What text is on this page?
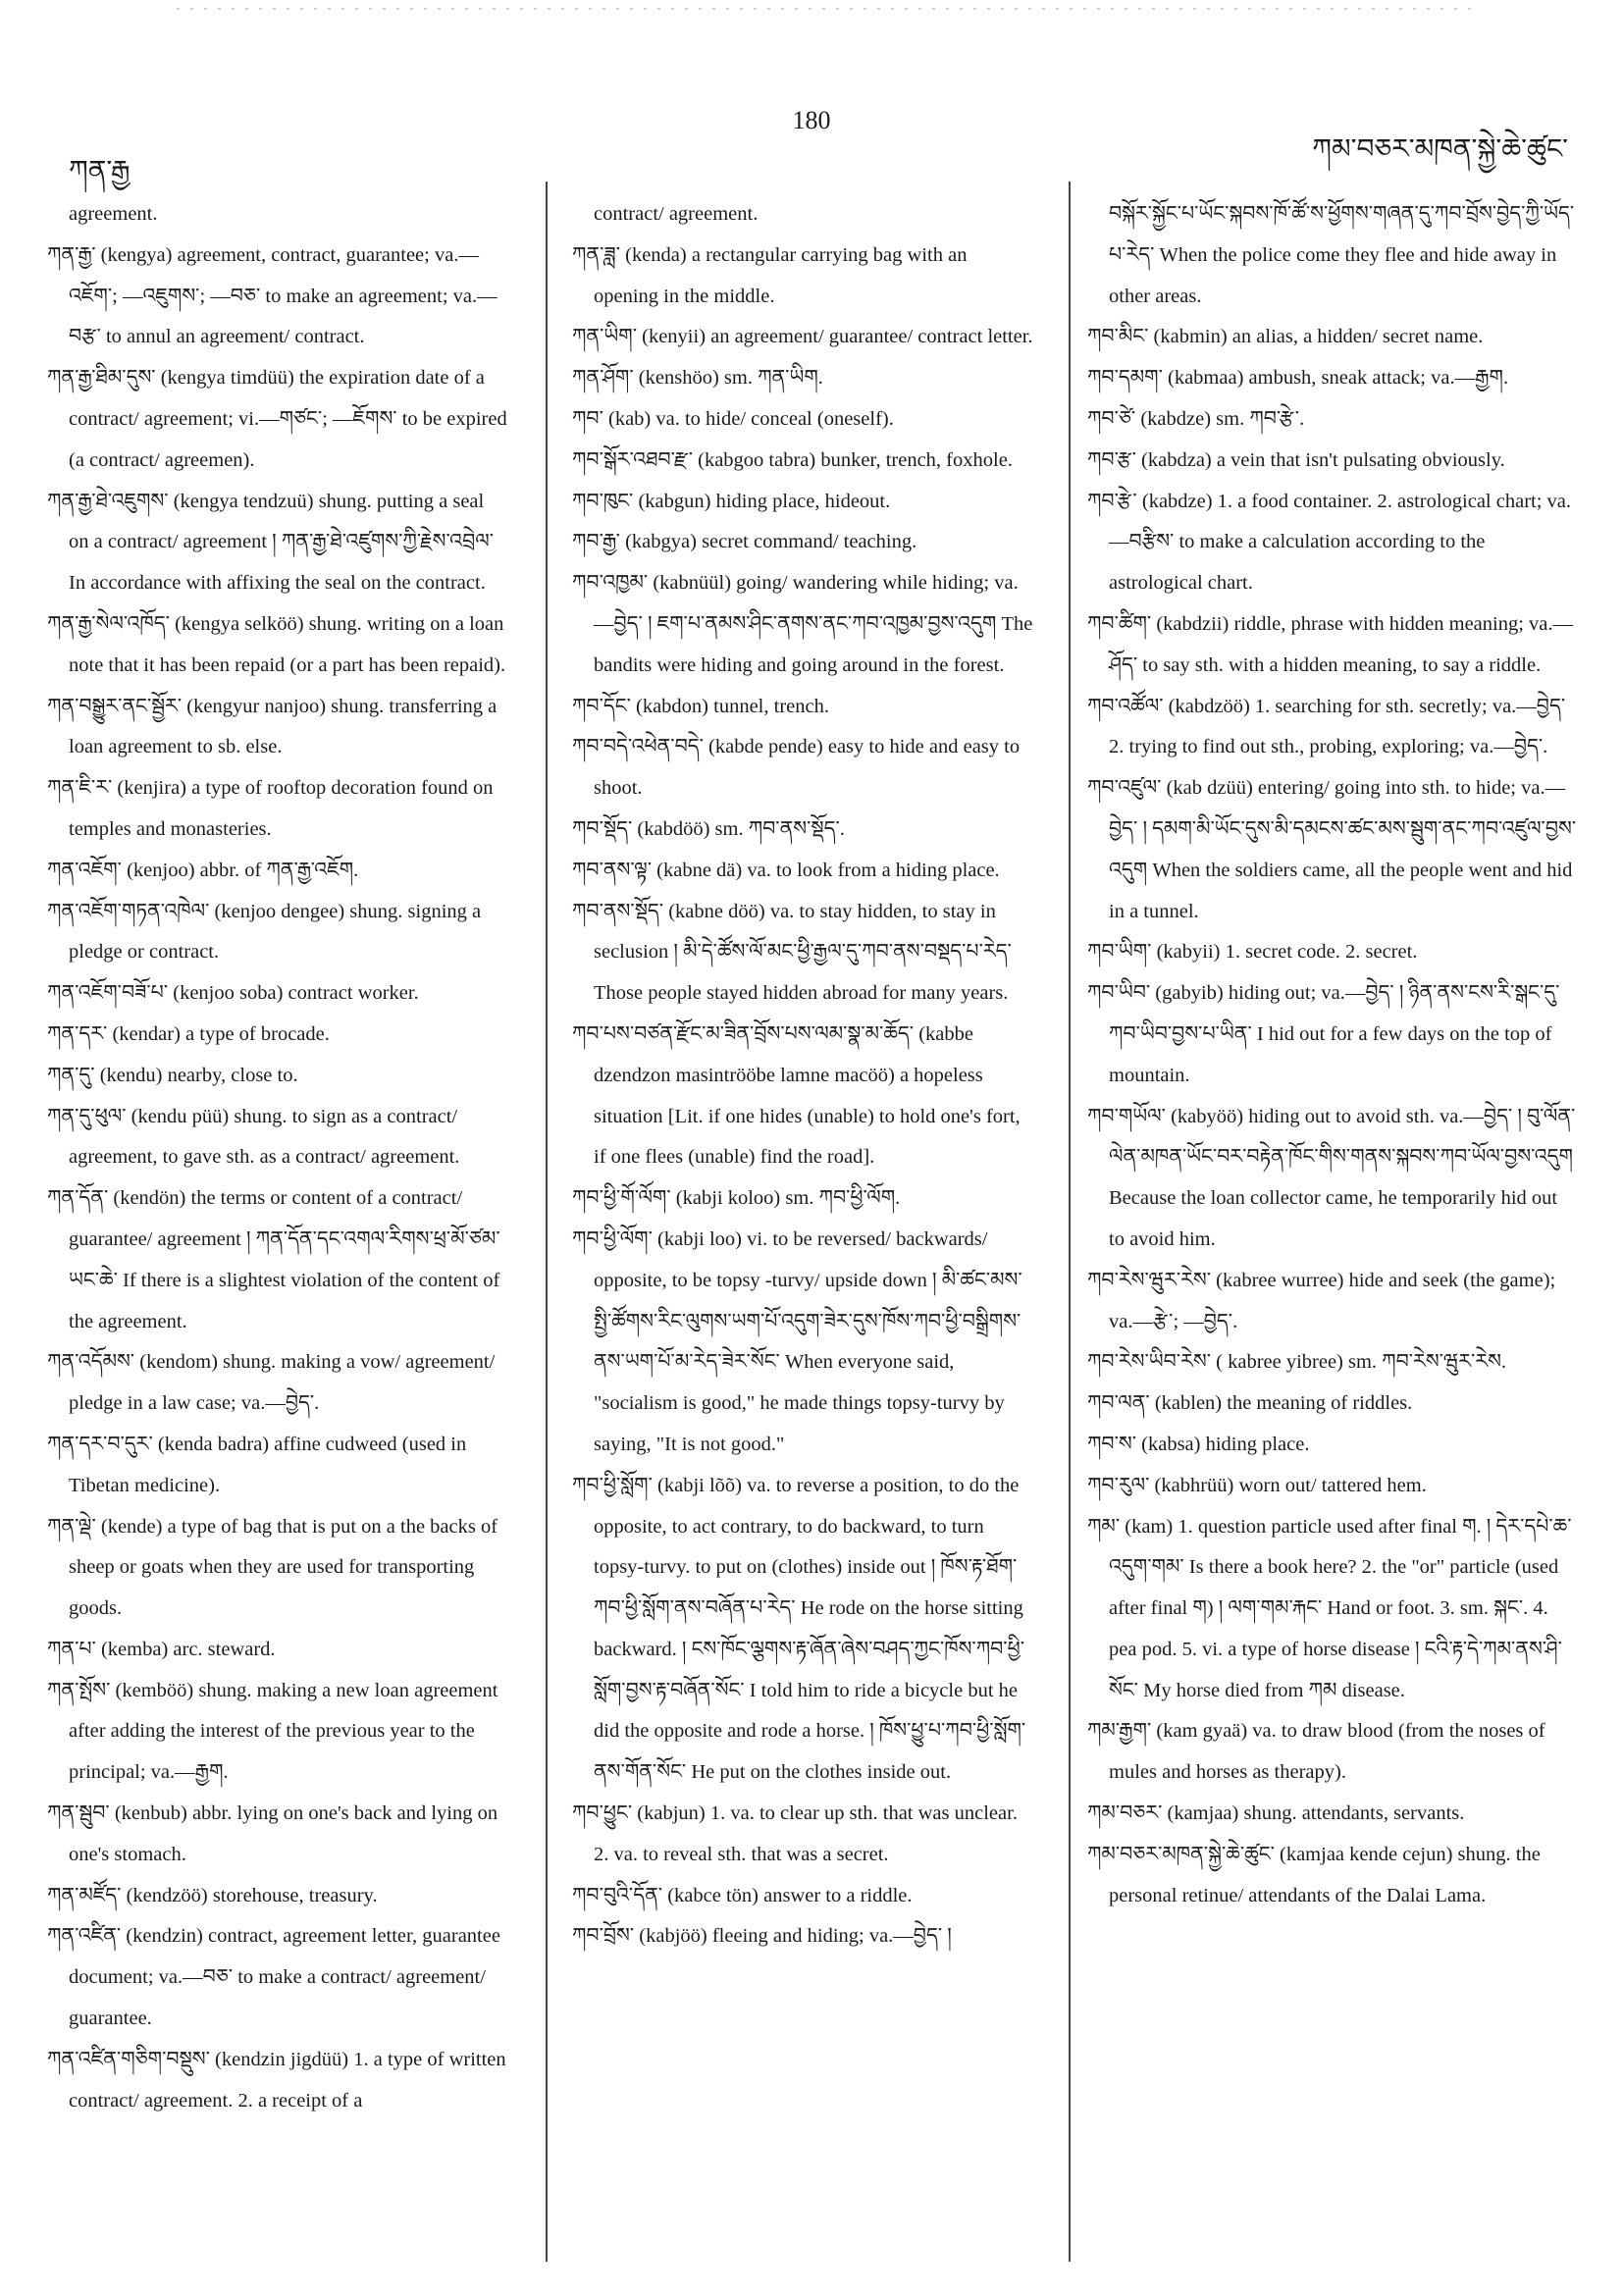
ཀན་རྒྱ
180
ཀམ་བཅར་མཁན་སྐྱེ་ཆེ་ཚུང་

agreement.

ཀན་རྒྱ་ (kengya) agreement, contract, guarantee; va.—འཇོག་; —འཇུགས་; —བཅ་ to make an agreement; va.—བརྩ་ to annul an agreement/ contract.

ཀན་རྒྱ་ཐིམ་དུས་ (kengya timdüü) the expiration date of a contract/ agreement; vi.—གཙང་; —ཇོགས་ to be expired (a contract/ agreemen).

ཀན་རྒྱ་ཐེ་འཇུགས་ (kengya tendzuü) shung. putting a seal on a contract/ agreement ། ཀན་རྒྱ་ཐེ་འཛུགས་ཀྱི་རྗེས་འབྲེལ་ In accordance with affixing the seal on the contract.

ཀན་རྒྱ་སེལ་འཁོད་ (kengya selköö) shung. writing on a loan note that it has been repaid (or a part has been repaid).

ཀན་བསྒྱུར་ནང་སྦྱོར་ (kengyur nanjoo) shung. transferring a loan agreement to sb. else.

ཀན་ཇི་ར་ (kenjira) a type of rooftop decoration found on temples and monasteries.

ཀན་འཇོག་ (kenjoo) abbr. of ཀན་རྒྱ་འཇོག.

ཀན་འཇོག་གཏན་འཁེལ་ (kenjoo dengee) shung. signing a pledge or contract.

ཀན་འཇོག་བཟོ་པ་ (kenjoo soba) contract worker.

ཀན་དར་ (kendar) a type of brocade.

ཀན་དུ་ (kendu) nearby, close to.

ཀན་དུ་ཕུལ་ (kendu püü) shung. to sign as a contract/ agreement, to gave sth. as a contract/ agreement.

ཀན་དོན་ (kendön) the terms or content of a contract/ guarantee/ agreement ། ཀན་དོན་དང་འགལ་རིགས་ཕྲ་མོ་ཙམ་ཡང་ཆེ་ If there is a slightest violation of the content of the agreement.

ཀན་འདོམས་ (kendom) shung. making a vow/ agreement/ pledge in a law case; va.—བྱེད་.

ཀན་དར་བ་དུར་ (kenda badra) affine cudweed (used in Tibetan medicine).

ཀན་ལྡེ་ (kende) a type of bag that is put on a the backs of sheep or goats when they are used for transporting goods.

ཀན་པ་ (kemba) arc. steward.

ཀན་སྤོས་ (kemböö) shung. making a new loan agreement after adding the interest of the previous year to the principal; va.—རྒྱག.

ཀན་སྦུབ་ (kenbub) abbr. lying on one's back and lying on one's stomach.

ཀན་མཛོད་ (kendzöö) storehouse, treasury.

ཀན་འཛིན་ (kendzin) contract, agreement letter, guarantee document; va.—བཅ་ to make a contract/ agreement/ guarantee.

ཀན་འཛིན་གཅིག་བསྡུས་ (kendzin jigdüü) 1. a type of written contract/ agreement. 2. a receipt of a

contract/ agreement.

ཀན་ཟླ་ (kenda) a rectangular carrying bag with an opening in the middle.

ཀན་ཡིག་ (kenyii) an agreement/ guarantee/ contract letter.

ཀན་ཤོག་ (kenshöo) sm. ཀན་ཡིག.

ཀབ་ (kab) va. to hide/ conceal (oneself).

ཀབ་སྒོར་འཐབ་རྫ་ (kabgoo tabra) bunker, trench, foxhole.

ཀབ་ཁུང་ (kabgun) hiding place, hideout.

ཀབ་རྒྱ་ (kabgya) secret command/ teaching.

ཀབ་འཁྱམ་ (kabnüül) going/ wandering while hiding; va.—བྱེད་ ། ཇག་པ་ནམས་ཤིང་ནགས་ནང་ཀབ་འཁྱམ་བྱས་འདུག The bandits were hiding and going around in the forest.

ཀབ་དོང་ (kabdon) tunnel, trench.

ཀབ་བདེ་འཕེན་བདེ་ (kabde pende) easy to hide and easy to shoot.

ཀབ་སྡོད་ (kabdöö) sm. ཀབ་ནས་སྡོད་.

ཀབ་ནས་ལྟ་ (kabne dä) va. to look from a hiding place.

ཀབ་ནས་སྡོད་ (kabne döö) va. to stay hidden, to stay in seclusion ། མི་དེ་ཚོས་ལོ་མང་ཕྱི་རྒྱལ་དུ་ཀབ་ནས་བསྡད་པ་རེད་ Those people stayed hidden abroad for many years.

ཀབ་པས་བཙན་རྫོང་མ་ཟིན་བྲོས་པས་ལམ་སྣ་མ་ཆོད་ (kabbe dzendzon masintrööbe lamne macöö) a hopeless situation [Lit. if one hides (unable) to hold one's fort, if one flees (unable) find the road].

ཀབ་ཕྱི་གོ་ལོག་ (kabji koloo) sm. ཀབ་ཕྱི་ལོག.

ཀབ་ཕྱི་ལོག་ (kabji loo) vi. to be reversed/ backwards/ opposite, to be topsy -turvy/ upside down ། མི་ཚང་མས་སྤྱི་ཚོགས་རིང་ལུགས་ཡག་པོ་འདུག་ཟེར་དུས་ཁོས་ཀབ་ཕྱི་བསྒྲིགས་ནས་ཡག་པོ་མ་རེད་ཟེར་སོང་ When everyone said, "socialism is good," he made things topsy-turvy by saying, "It is not good."

ཀབ་ཕྱི་སློག་ (kabji lõõ) va. to reverse a position, to do the opposite, to act contrary, to do backward, to turn topsy-turvy. to put on (clothes) inside out ། ཁོས་རྟ་ཐོག་ཀབ་ཕྱི་སློག་ནས་བཞོན་པ་རེད་ He rode on the horse sitting backward. ། ངས་ཁོང་ལྕགས་རྟ་ཞོན་ཞེས་བཤད་ཀྱང་ཁོས་ཀབ་ཕྱི་སློག་བྱས་རྟ་བཞོན་སོང་ I told him to ride a bicycle but he did the opposite and rode a horse. ། ཁོས་ཕྱུ་པ་ཀབ་ཕྱི་སློག་ནས་གོན་སོང་ He put on the clothes inside out.

ཀབ་ཕྱུང་ (kabjun) 1. va. to clear up sth. that was unclear. 2. va. to reveal sth. that was a secret.

ཀབ་བུའི་དོན་ (kabce tön) answer to a riddle.

ཀབ་བྲོས་ (kabjöö) fleeing and hiding; va.—བྱེད་ །

བསྐོར་སྐྱོང་པ་ཡོང་སྐབས་ཁོ་ཚོ་ས་ཕྱོགས་གཞན་དུ་ཀབ་བྲོས་བྱེད་ཀྱི་ཡོད་པ་རེད་ When the police come they flee and hide away in other areas.

ཀབ་མིང་ (kabmin) an alias, a hidden/ secret name.

ཀབ་དམག་ (kabmaa) ambush, sneak attack; va.—རྒྱག.

ཀབ་ཙེ་ (kabdze) sm. ཀབ་རྩེ་.

ཀབ་རྩ་ (kabdza) a vein that isn't pulsating obviously.

ཀབ་རྩེ་ (kabdze) 1. a food container. 2. astrological chart; va.—བརྩིས་ to make a calculation according to the astrological chart.

ཀབ་ཚིག་ (kabdzii) riddle, phrase with hidden meaning; va.—ཤོད་ to say sth. with a hidden meaning, to say a riddle.

ཀབ་འཚོལ་ (kabdzöö) 1. searching for sth. secretly; va.—བྱེད་ 2. trying to find out sth., probing, exploring; va.—བྱེད་.

ཀབ་འཛུལ་ (kab dzüü) entering/ going into sth. to hide; va.—བྱེད་ ། དམག་མི་ཡོང་དུས་མི་དམངས་ཚང་མས་སྦུག་ནང་ཀབ་འཛུལ་བྱས་འདུག When the soldiers came, all the people went and hid in a tunnel.

ཀབ་ཡིག་ (kabyii) 1. secret code. 2. secret.

ཀབ་ཡིབ་ (gabyib) hiding out; va.—བྱེད་ ། ཉིན་ནས་ངས་རི་སྒང་དུ་ཀབ་ཡིབ་བྱས་པ་ཡིན་ I hid out for a few days on the top of mountain.

ཀབ་གཡོལ་ (kabyöö) hiding out to avoid sth. va.—བྱེད་ ། བུ་ལོན་ལེན་མཁན་ཡོང་བར་བརྟེན་ཁོང་གིས་གནས་སྐབས་ཀབ་ཡོལ་བྱས་འདུག Because the loan collector came, he temporarily hid out to avoid him.

ཀབ་རེས་ཝུར་རེས་ (kabree wurree) hide and seek (the game); va.—རྩེ་; —བྱེད་.

ཀབ་རེས་ཡིབ་རེས་ ( kabree yibree) sm. ཀབ་རེས་ཝུར་རེས.

ཀབ་ལན་ (kablen) the meaning of riddles.

ཀབ་ས་ (kabsa) hiding place.

ཀབ་རུལ་ (kabhrüü) worn out/ tattered hem.

ཀམ་ (kam) 1. question particle used after final ག. ། དེར་དཔེ་ཆ་འདུག་གམ་ Is there a book here? 2. the "or" particle (used after final ག) ། ལག་གམ་རྐང་ Hand or foot. 3. sm. སྐང་. 4. pea pod. 5. vi. a type of horse disease ། ངའི་རྟ་དེ་ཀམ་ནས་ཤི་སོང་ My horse died from ཀམ disease.

ཀམ་རྒྱག་ (kam gyaä) va. to draw blood (from the noses of mules and horses as therapy).

ཀམ་བཅར་ (kamjaa) shung. attendants, servants.

ཀམ་བཅར་མཁན་སྐྱེ་ཆེ་ཚུང་ (kamjaa kende cejun) shung. the personal retinue/ attendants of the Dalai Lama.
